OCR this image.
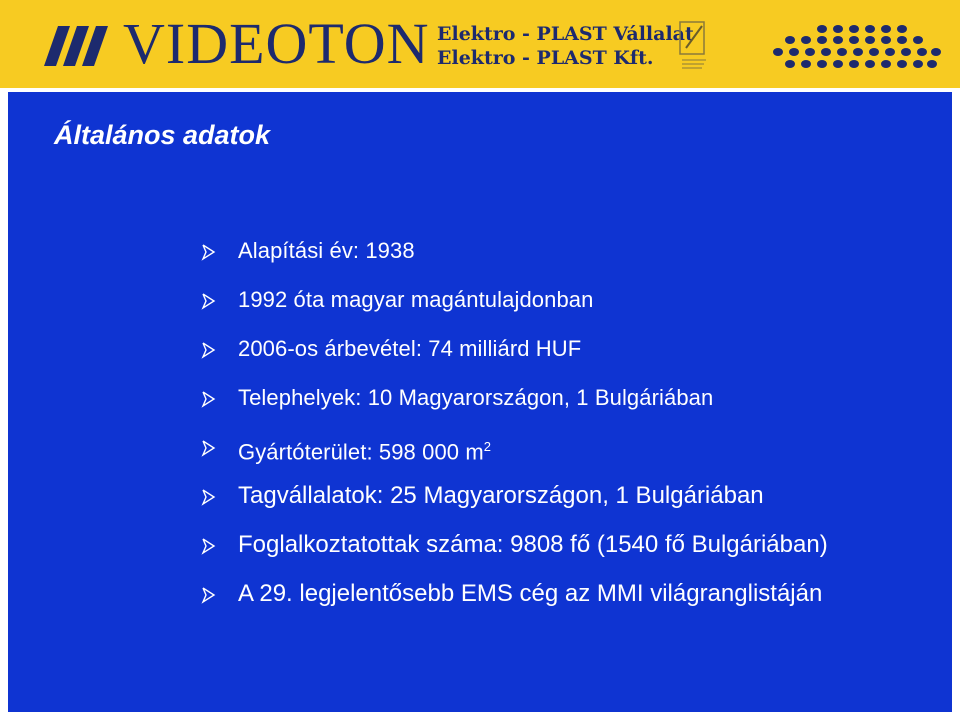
VIDEOTON Elektro - PLAST Vállalat
Elektro - PLAST Kft.
Általános adatok
Alapítási év: 1938
1992 óta magyar magántulajdonban
2006-os árbevétel: 74 milliárd HUF
Telephelyek: 10 Magyarországon, 1 Bulgáriában
Gyártóterület: 598 000 $m^2$
Tagvállalatok: 25 Magyarországon, 1 Bulgáriában
Foglalkoztatottak száma: 9808 fő (1540 fő Bulgáriában)
A 29. legjelentősebb EMS cég az MMI világranglistáján
